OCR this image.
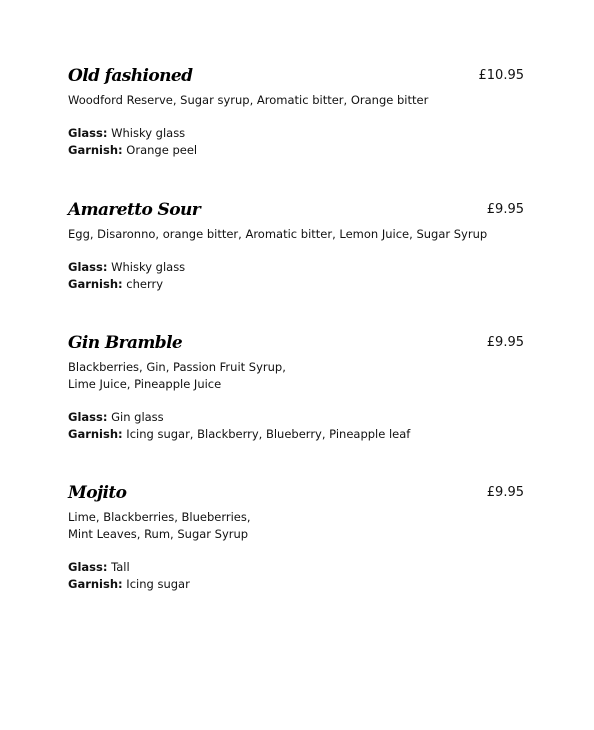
Old fashioned	£10.95
Woodford Reserve, Sugar syrup, Aromatic bitter, Orange bitter
Glass: Whisky glass
Garnish: Orange peel
Amaretto Sour	£9.95
Egg, Disaronno, orange bitter, Aromatic bitter, Lemon Juice, Sugar Syrup
Glass: Whisky glass
Garnish: cherry
Gin Bramble	£9.95
Blackberries, Gin, Passion Fruit Syrup,
Lime Juice, Pineapple Juice
Glass: Gin glass
Garnish: Icing sugar, Blackberry, Blueberry, Pineapple leaf
Mojito	£9.95
Lime, Blackberries, Blueberries,
Mint Leaves, Rum, Sugar Syrup
Glass: Tall
Garnish: Icing sugar
